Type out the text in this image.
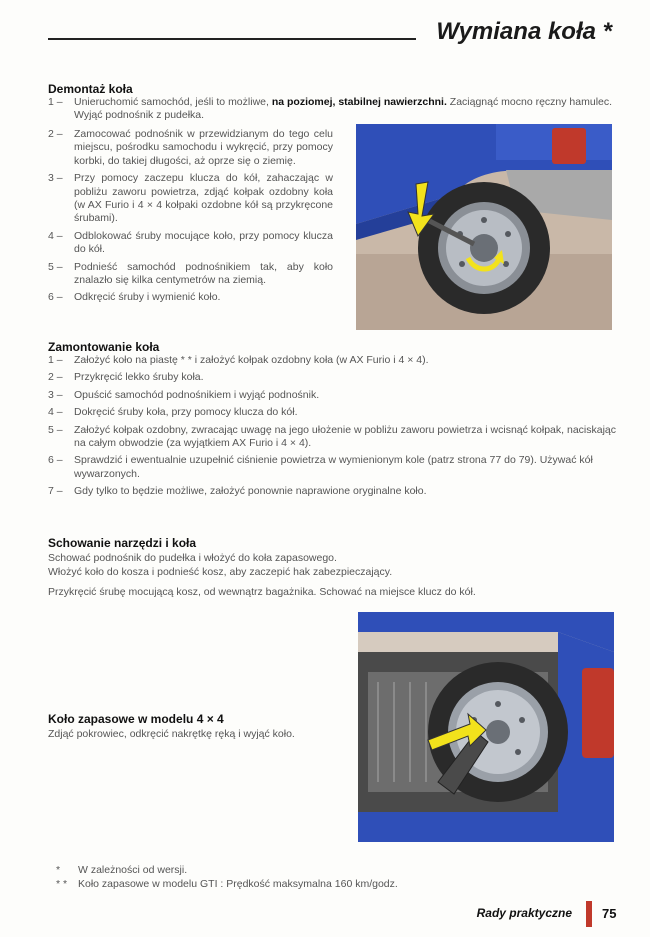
Wymiana koła *
Demontaż koła
1 – Unieruchomić samochód, jeśli to możliwe, na poziomej, stabilnej nawierzchni. Zaciągnąć mocno ręczny hamulec. Wyjąć podnośnik z pudełka.
2 – Zamocować podnośnik w przewidzianym do tego celu miejscu, pośrodku samochodu i wykręcić, przy pomocy korbki, do takiej długości, aż oprze się o ziemię.
3 – Przy pomocy zaczepu klucza do kół, zahaczając w pobliżu zaworu powietrza, zdjąć kołpak ozdobny koła (w AX Furio i 4 × 4 kołpaki ozdobne kół są przykręcone śrubami).
4 – Odblokować śruby mocujące koło, przy pomocy klucza do kół.
5 – Podnieść samochód podnośnikiem tak, aby koło znalazło się kilka centymetrów na ziemią.
6 – Odkręcić śruby i wymienić koło.
Zamontowanie koła
1 – Założyć koło na piastę * * i założyć kołpak ozdobny koła (w AX Furio i 4 × 4).
2 – Przykręcić lekko śruby koła.
3 – Opuścić samochód podnośnikiem i wyjąć podnośnik.
4 – Dokręcić śruby koła, przy pomocy klucza do kół.
5 – Założyć kołpak ozdobny, zwracając uwagę na jego ułożenie w pobliżu zaworu powietrza i wcisnąć kołpak, naciskając na całym obwodzie (za wyjątkiem AX Furio i 4 × 4).
6 – Sprawdzić i ewentualnie uzupełnić ciśnienie powietrza w wymienionym kole (patrz strona 77 do 79). Używać kół wywarzonych.
7 – Gdy tylko to będzie możliwe, założyć ponownie naprawione oryginalne koło.
Schowanie narzędzi i koła
Schować podnośnik do pudełka i włożyć do koła zapasowego.
Włożyć koło do kosza i podnieść kosz, aby zaczepić hak zabezpieczający.
Przykręcić śrubę mocującą kosz, od wewnątrz bagażnika. Schować na miejsce klucz do kół.
Koło zapasowe w modelu 4 × 4
Zdjąć pokrowiec, odkręcić nakrętkę ręką i wyjąć koło.
* W zależności od wersji.
* * Koło zapasowe w modelu GTI : Prędkość maksymalna 160 km/godz.
Rady praktyczne 75
